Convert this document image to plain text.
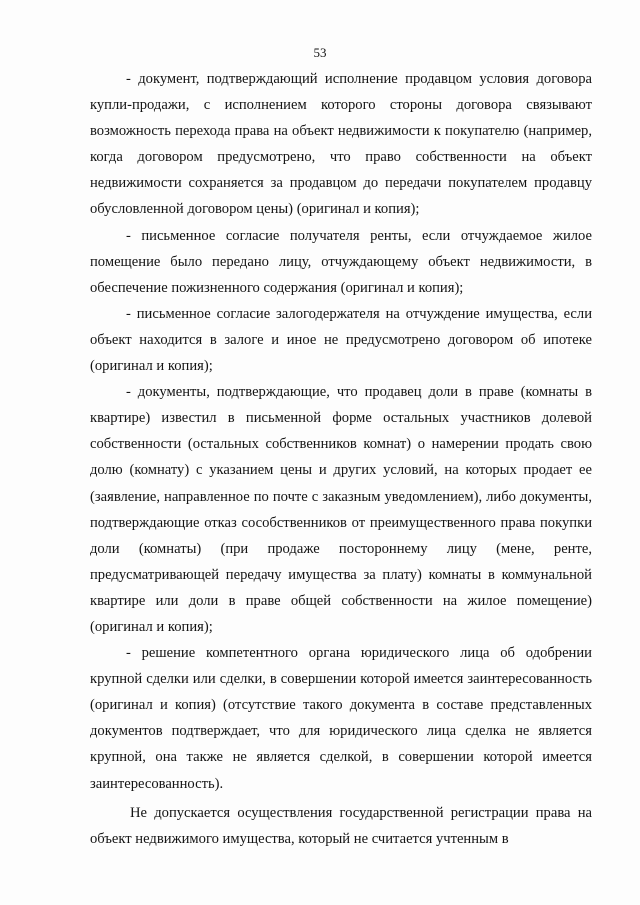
53

- документ, подтверждающий исполнение продавцом условия договора купли-продажи, с исполнением которого стороны договора связывают возможность перехода права на объект недвижимости к покупателю (например, когда договором предусмотрено, что право собственности на объект недвижимости сохраняется за продавцом до передачи покупателем продавцу обусловленной договором цены) (оригинал и копия);

- письменное согласие получателя ренты, если отчуждаемое жилое помещение было передано лицу, отчуждающему объект недвижимости, в обеспечение пожизненного содержания (оригинал и копия);

- письменное согласие залогодержателя на отчуждение имущества, если объект находится в залоге и иное не предусмотрено договором об ипотеке (оригинал и копия);

- документы, подтверждающие, что продавец доли в праве (комнаты в квартире) известил в письменной форме остальных участников долевой собственности (остальных собственников комнат) о намерении продать свою долю (комнату) с указанием цены и других условий, на которых продает ее (заявление, направленное по почте с заказным уведомлением), либо документы, подтверждающие отказ сособственников от преимущественного права покупки доли (комнаты) (при продаже постороннему лицу (мене, ренте, предусматривающей передачу имущества за плату) комнаты в коммунальной квартире или доли в праве общей собственности на жилое помещение) (оригинал и копия);

- решение компетентного органа юридического лица об одобрении крупной сделки или сделки, в совершении которой имеется заинтересованность (оригинал и копия) (отсутствие такого документа в составе представленных документов подтверждает, что для юридического лица сделка не является крупной, она также не является сделкой, в совершении которой имеется заинтересованность).

Не допускается осуществления государственной регистрации права на объект недвижимого имущества, который не считается учтенным в
